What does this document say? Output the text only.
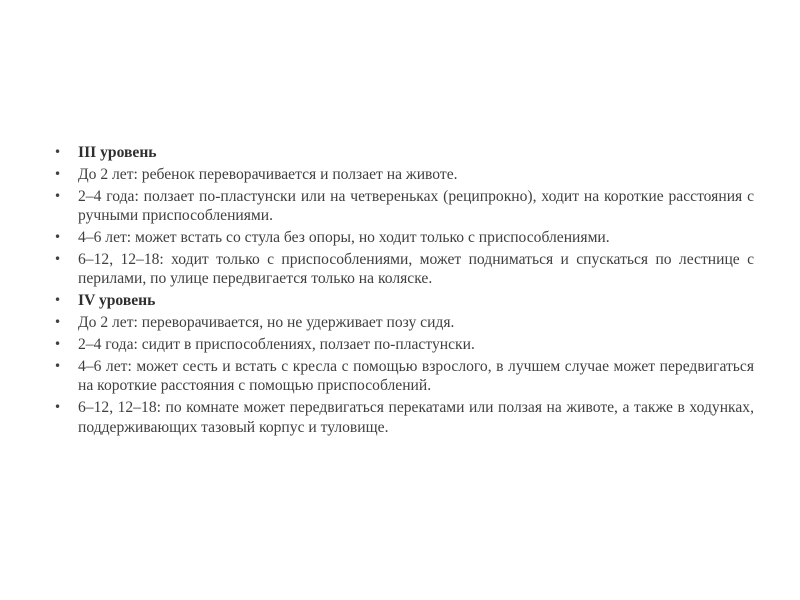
•	III уровень
•	До 2 лет: ребенок переворачивается и ползает на животе.
•	2–4 года: ползает по-пластунски или на четвереньках (реципрокно), ходит на короткие расстояния с ручными приспособлениями.
•	4–6 лет: может встать со стула без опоры, но ходит только с приспособлениями.
•	6–12, 12–18: ходит только с приспособлениями, может подниматься и спускаться по лестнице с перилами, по улице передвигается только на коляске.
•	IV уровень
•	До 2 лет: переворачивается, но не удерживает позу сидя.
•	2–4 года: сидит в приспособлениях, ползает по-пластунски.
•	4–6 лет: может сесть и встать с кресла с помощью взрослого, в лучшем случае может передвигаться на короткие расстояния с помощью приспособлений.
•	6–12, 12–18: по комнате может передвигаться перекатами или ползая на животе, а также в ходунках, поддерживающих тазовый корпус и туловище.
